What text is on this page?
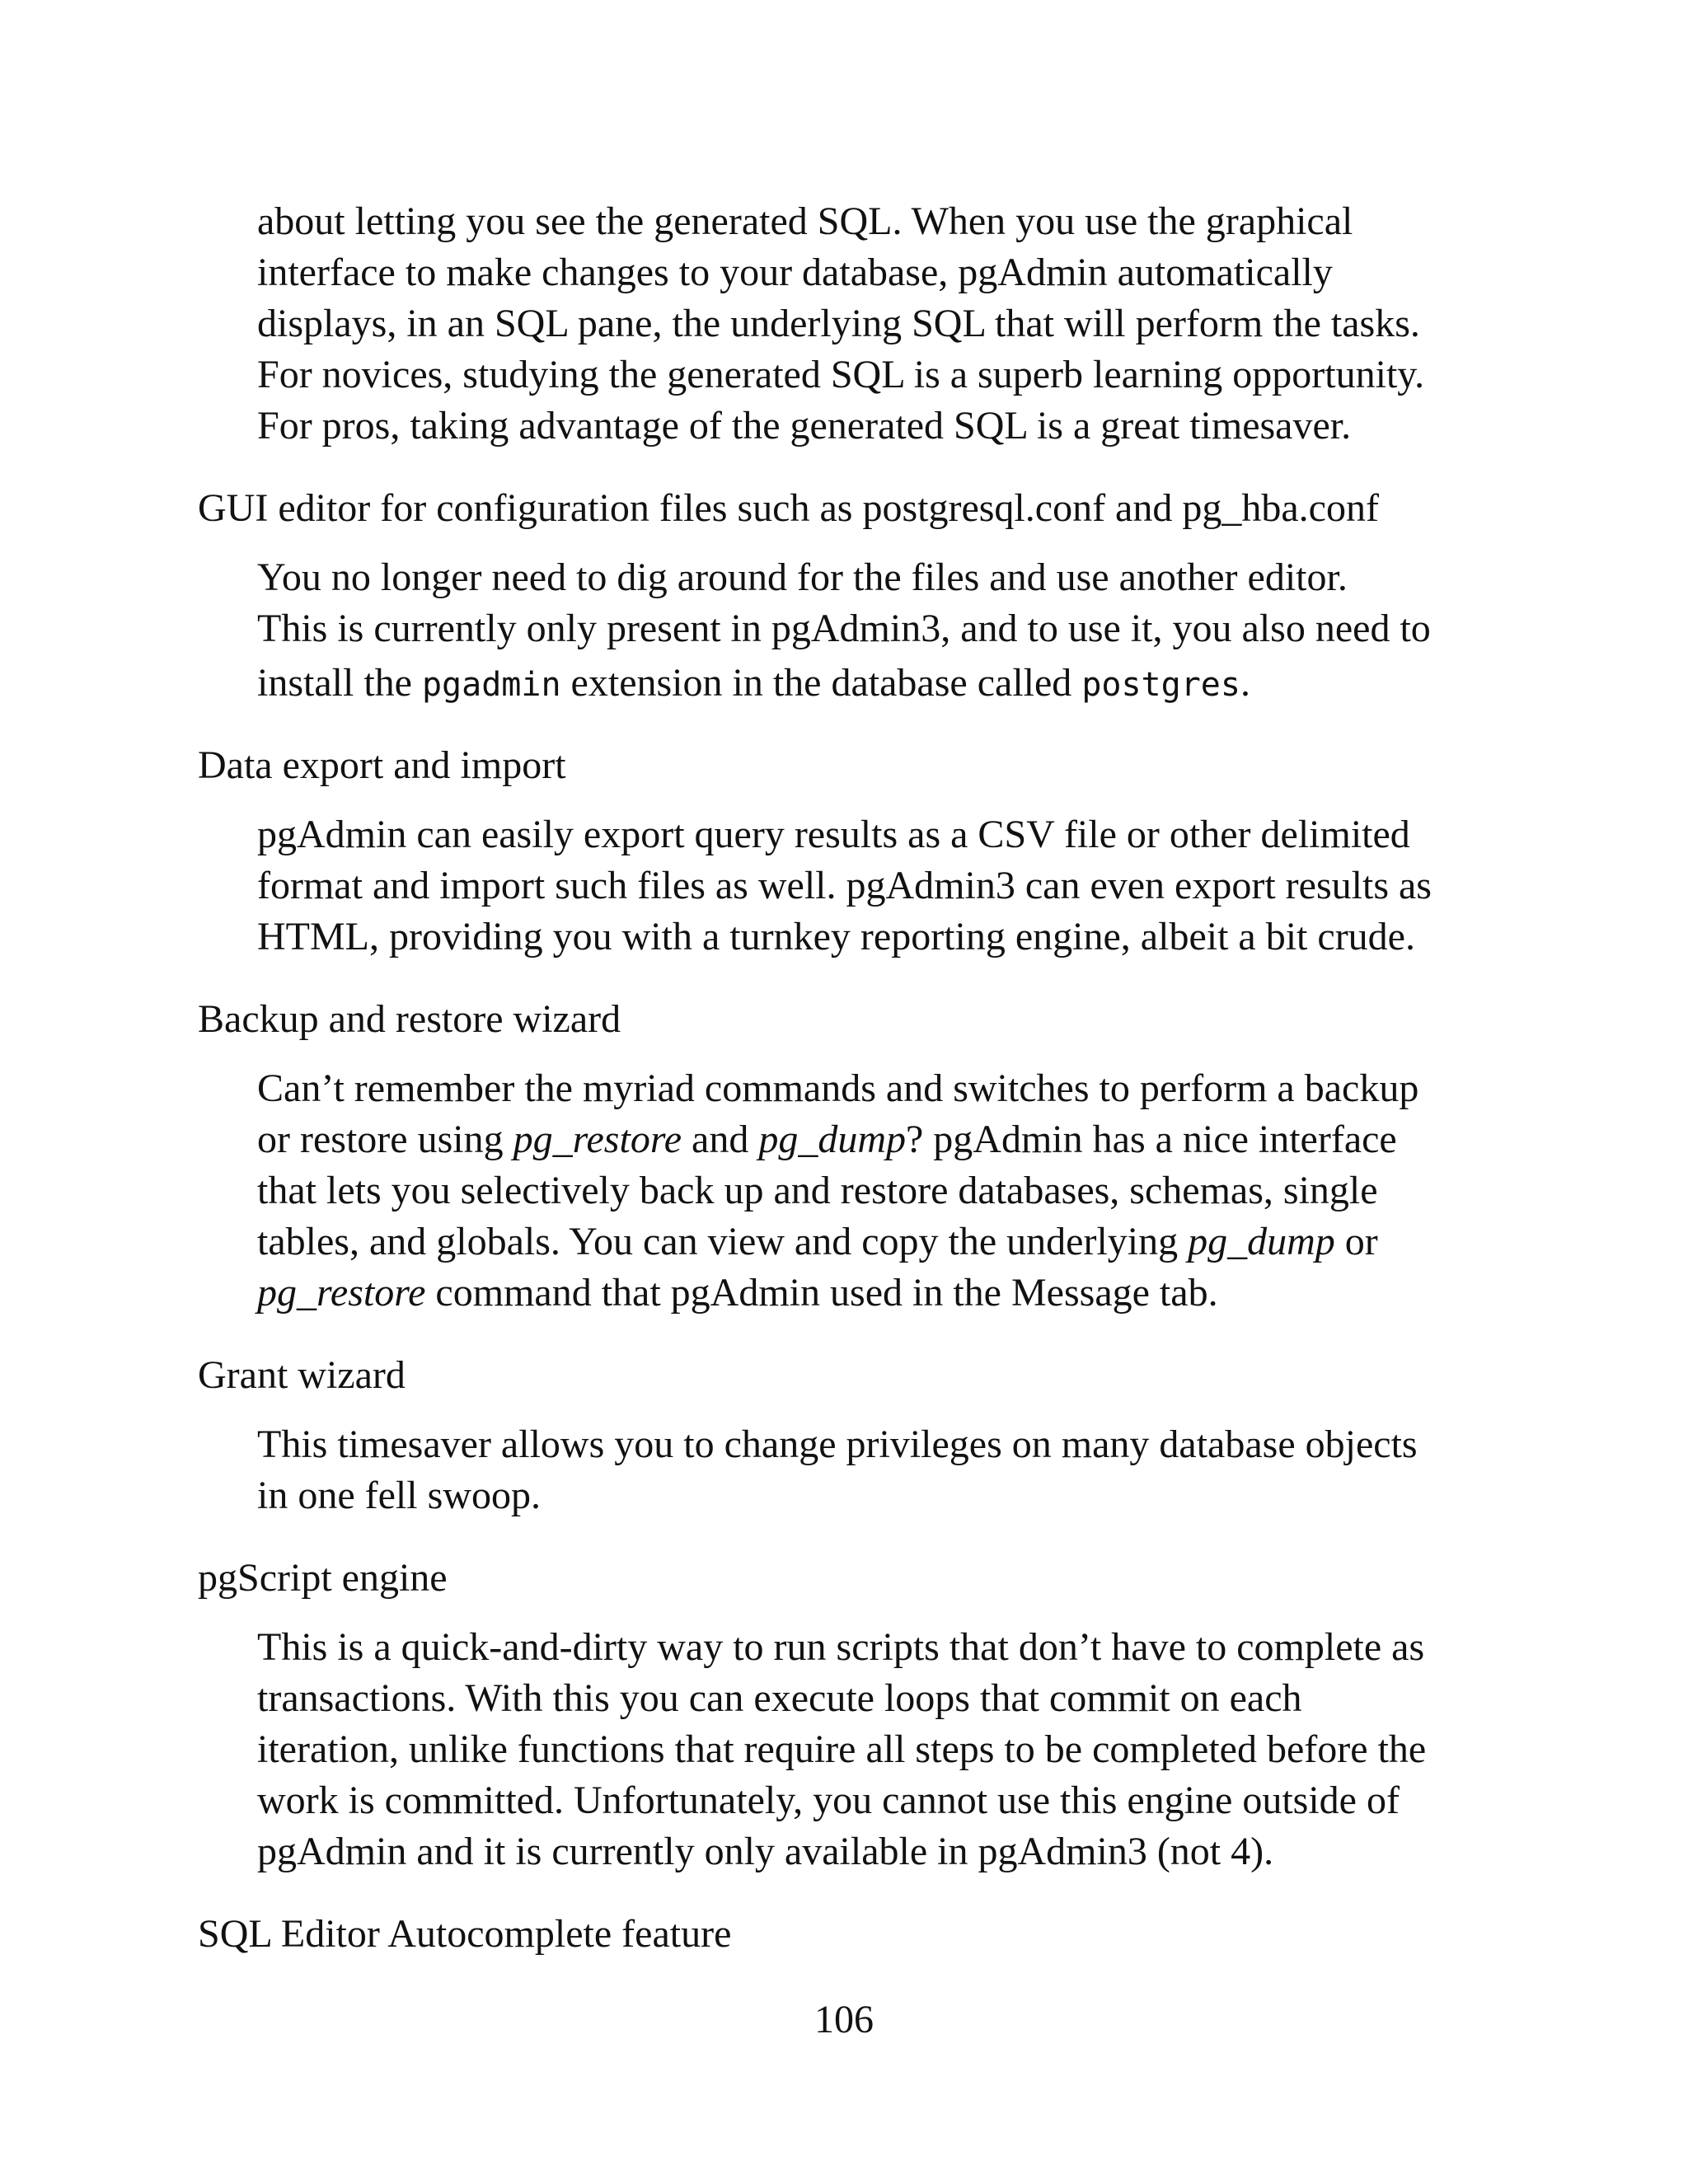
about letting you see the generated SQL. When you use the graphical

interface to make changes to your database, pgAdmin automatically

displays, in an SQL pane, the underlying SQL that will perform the tasks.

For novices, studying the generated SQL is a superb learning opportunity.

For pros, taking advantage of the generated SQL is a great timesaver.

GUI editor for configuration files such as postgresql.conf and pg_hba.conf

You no longer need to dig around for the files and use another editor.

This is currently only present in pgAdmin3, and to use it, you also need to

install the pgadmin extension in the database called postgres.

Data export and import

pgAdmin can easily export query results as a CSV file or other delimited

format and import such files as well. pgAdmin3 can even export results as

HTML, providing you with a turnkey reporting engine, albeit a bit crude.

Backup and restore wizard

Can’t remember the myriad commands and switches to perform a backup

or restore using pg_restore and pg_dump? pgAdmin has a nice interface

that lets you selectively back up and restore databases, schemas, single

tables, and globals. You can view and copy the underlying pg_dump or

pg_restore command that pgAdmin used in the Message tab.

Grant wizard

This timesaver allows you to change privileges on many database objects

in one fell swoop.

pgScript engine

This is a quick-and-dirty way to run scripts that don’t have to complete as

transactions. With this you can execute loops that commit on each

iteration, unlike functions that require all steps to be completed before the

work is committed. Unfortunately, you cannot use this engine outside of

pgAdmin and it is currently only available in pgAdmin3 (not 4).

SQL Editor Autocomplete feature

106
